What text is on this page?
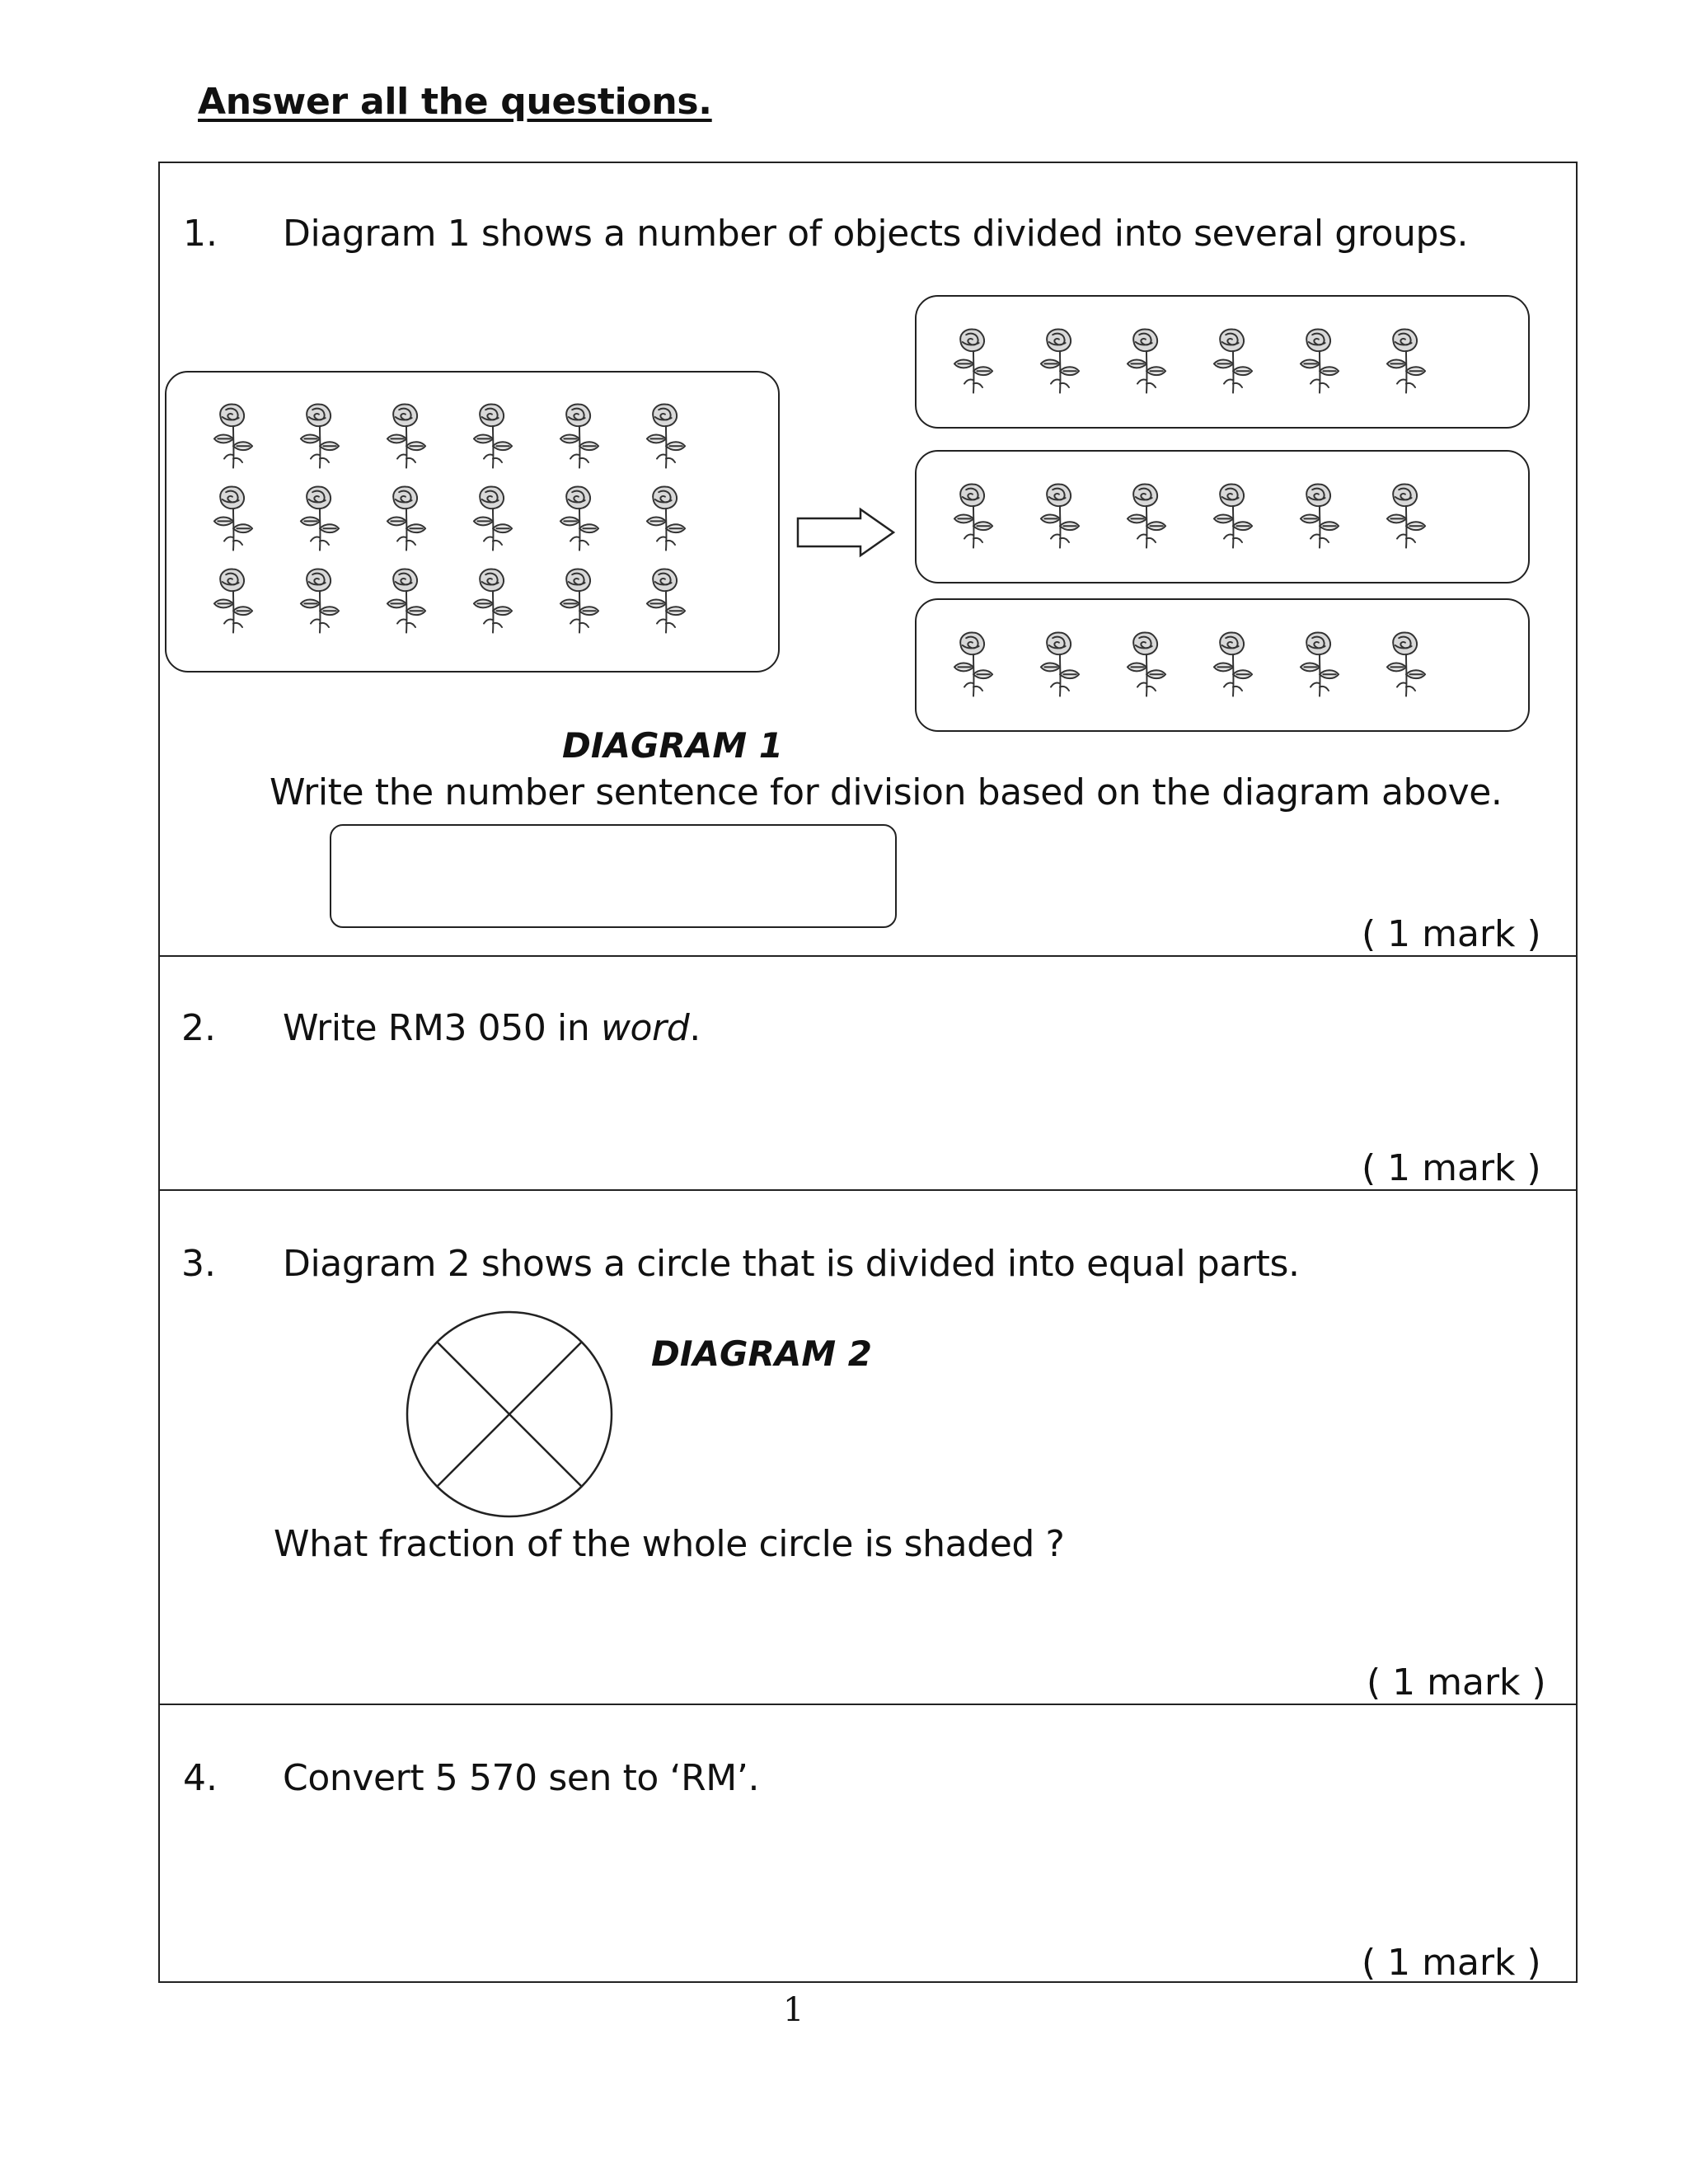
Answer all the questions.
1. Diagram 1 shows a number of objects divided into several groups.
DIAGRAM 1
Write the number sentence for division based on the diagram above.
( 1 mark )
2. Write RM3 050 in word.
( 1 mark )
3. Diagram 2 shows a circle that is divided into equal parts.
DIAGRAM 2
What fraction of the whole circle is shaded ?
( 1 mark )
4. Convert 5 570 sen to ‘RM’.
( 1 mark )
1
